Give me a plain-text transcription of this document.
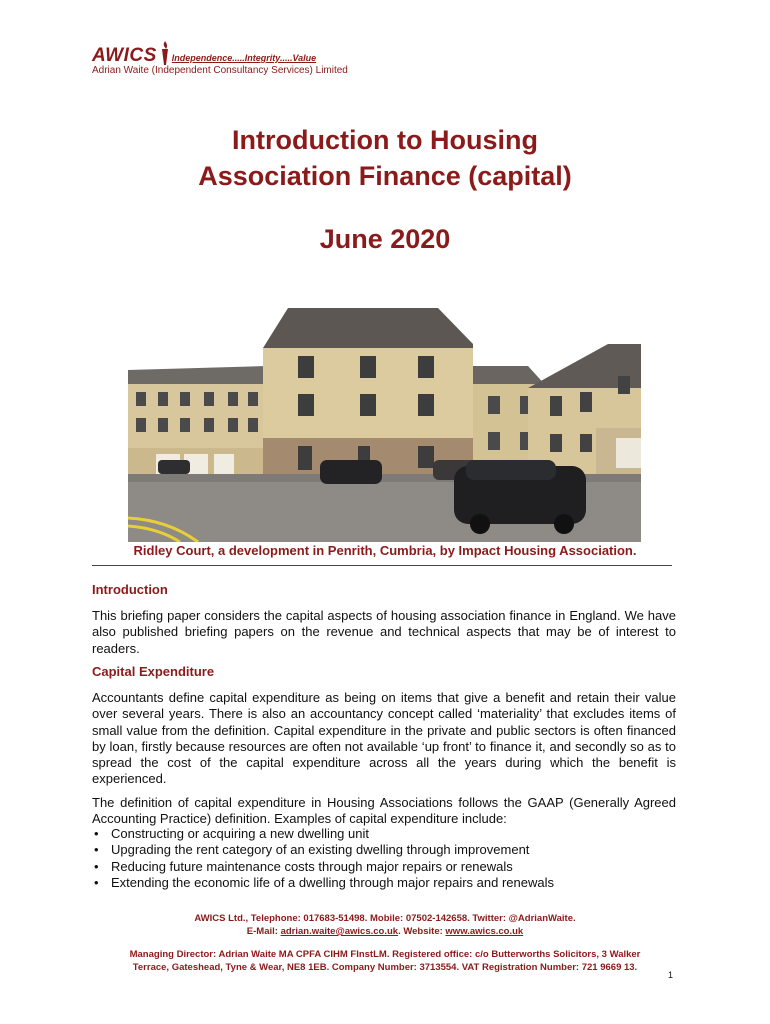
AWICS Independence.....Integrity.....Value
Adrian Waite (Independent Consultancy Services) Limited
Introduction to Housing
Association Finance (capital)
June 2020
Ridley Court, a development in Penrith, Cumbria, by Impact Housing Association.
Introduction
This briefing paper considers the capital aspects of housing association finance in England. We have also published briefing papers on the revenue and technical aspects that may be of interest to readers.
Capital Expenditure
Accountants define capital expenditure as being on items that give a benefit and retain their value over several years. There is also an accountancy concept called ‘materiality’ that excludes items of small value from the definition. Capital expenditure in the private and public sectors is often financed by loan, firstly because resources are often not available ‘up front’ to finance it, and secondly so as to spread the cost of the capital expenditure across all the years during which the benefit is experienced.
The definition of capital expenditure in Housing Associations follows the GAAP (Generally Agreed Accounting Practice) definition. Examples of capital expenditure include:
• Constructing or acquiring a new dwelling unit
• Upgrading the rent category of an existing dwelling through improvement
• Reducing future maintenance costs through major repairs or renewals
• Extending the economic life of a dwelling through major repairs and renewals
AWICS Ltd., Telephone: 017683-51498. Mobile: 07502-142658. Twitter: @AdrianWaite.
E-Mail: adrian.waite@awics.co.uk. Website: www.awics.co.uk
Managing Director: Adrian Waite MA CPFA CIHM FInstLM. Registered office: c/o Butterworths Solicitors, 3 Walker
Terrace, Gateshead, Tyne & Wear, NE8 1EB. Company Number: 3713554. VAT Registration Number: 721 9669 13.
1
